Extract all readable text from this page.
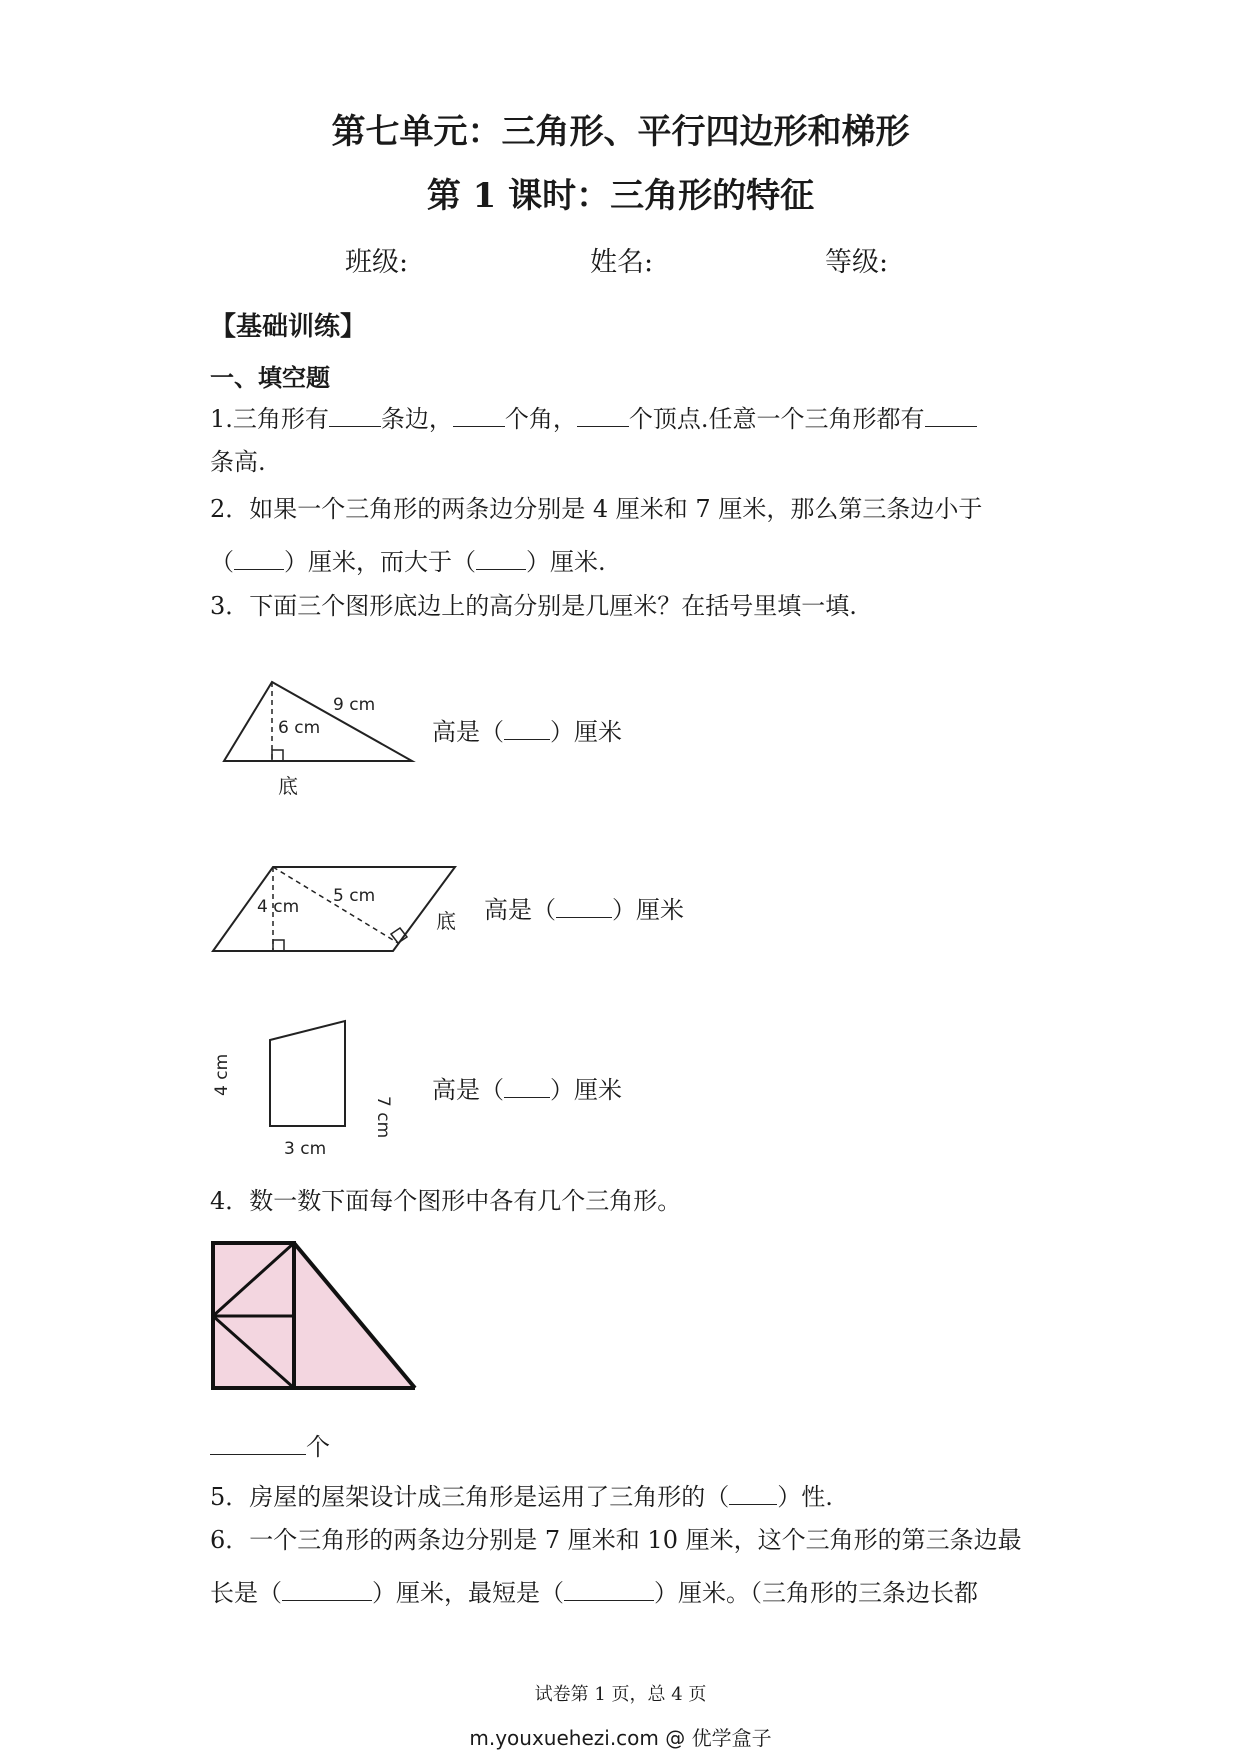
第七单元：三角形、平行四边形和梯形
第 1 课时：三角形的特征
班级:	姓名:	等级:
【基础训练】
一、填空题
1.三角形有 条边， 个角， 个顶点.任意一个三角形都有
条高.
2．如果一个三角形的两条边分别是 4 厘米和 7 厘米，那么第三条边小于
（ ）厘米，而大于（ ）厘米.
3．下面三个图形底边上的高分别是几厘米？在括号里填一填.
6 cm
9 cm
底
高是（ ）厘米
4 cm
5 cm
底 高是（ ）厘米
4 cm
7 cm
3 cm
高是（ ）厘米
4．数一数下面每个图形中各有几个三角形。
个
5．房屋的屋架设计成三角形是运用了三角形的（ ）性.
6．一个三角形的两条边分别是 7 厘米和 10 厘米，这个三角形的第三条边最
长是（	）厘米，最短是（	）厘米。（三角形的三条边长都
试卷第 1 页，总 4 页
m.youxuehezi.com @ 优学盒子
